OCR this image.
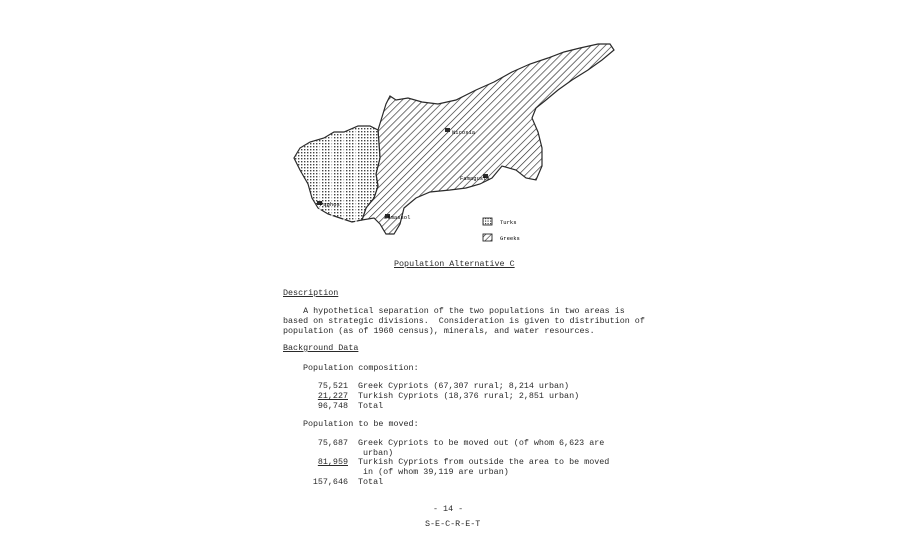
Nicosia
Famagusta
Paphos
Limassol
Turks
Greeks
Population Alternative C
Description
A hypothetical separation of the two populations in two areas is
based on strategic divisions.  Consideration is given to distribution of
population (as of 1960 census), minerals, and water resources.
Background Data
Population composition:
75,521 Greek Cypriots (67,307 rural; 8,214 urban)
21,227 Turkish Cypriots (18,376 rural; 2,851 urban)
96,748 Total
Population to be moved:
75,687 Greek Cypriots to be moved out (of whom 6,623 are
urban)
81,959 Turkish Cypriots from outside the area to be moved
in (of whom 39,119 are urban)
157,646 Total
- 14 -
S-E-C-R-E-T
